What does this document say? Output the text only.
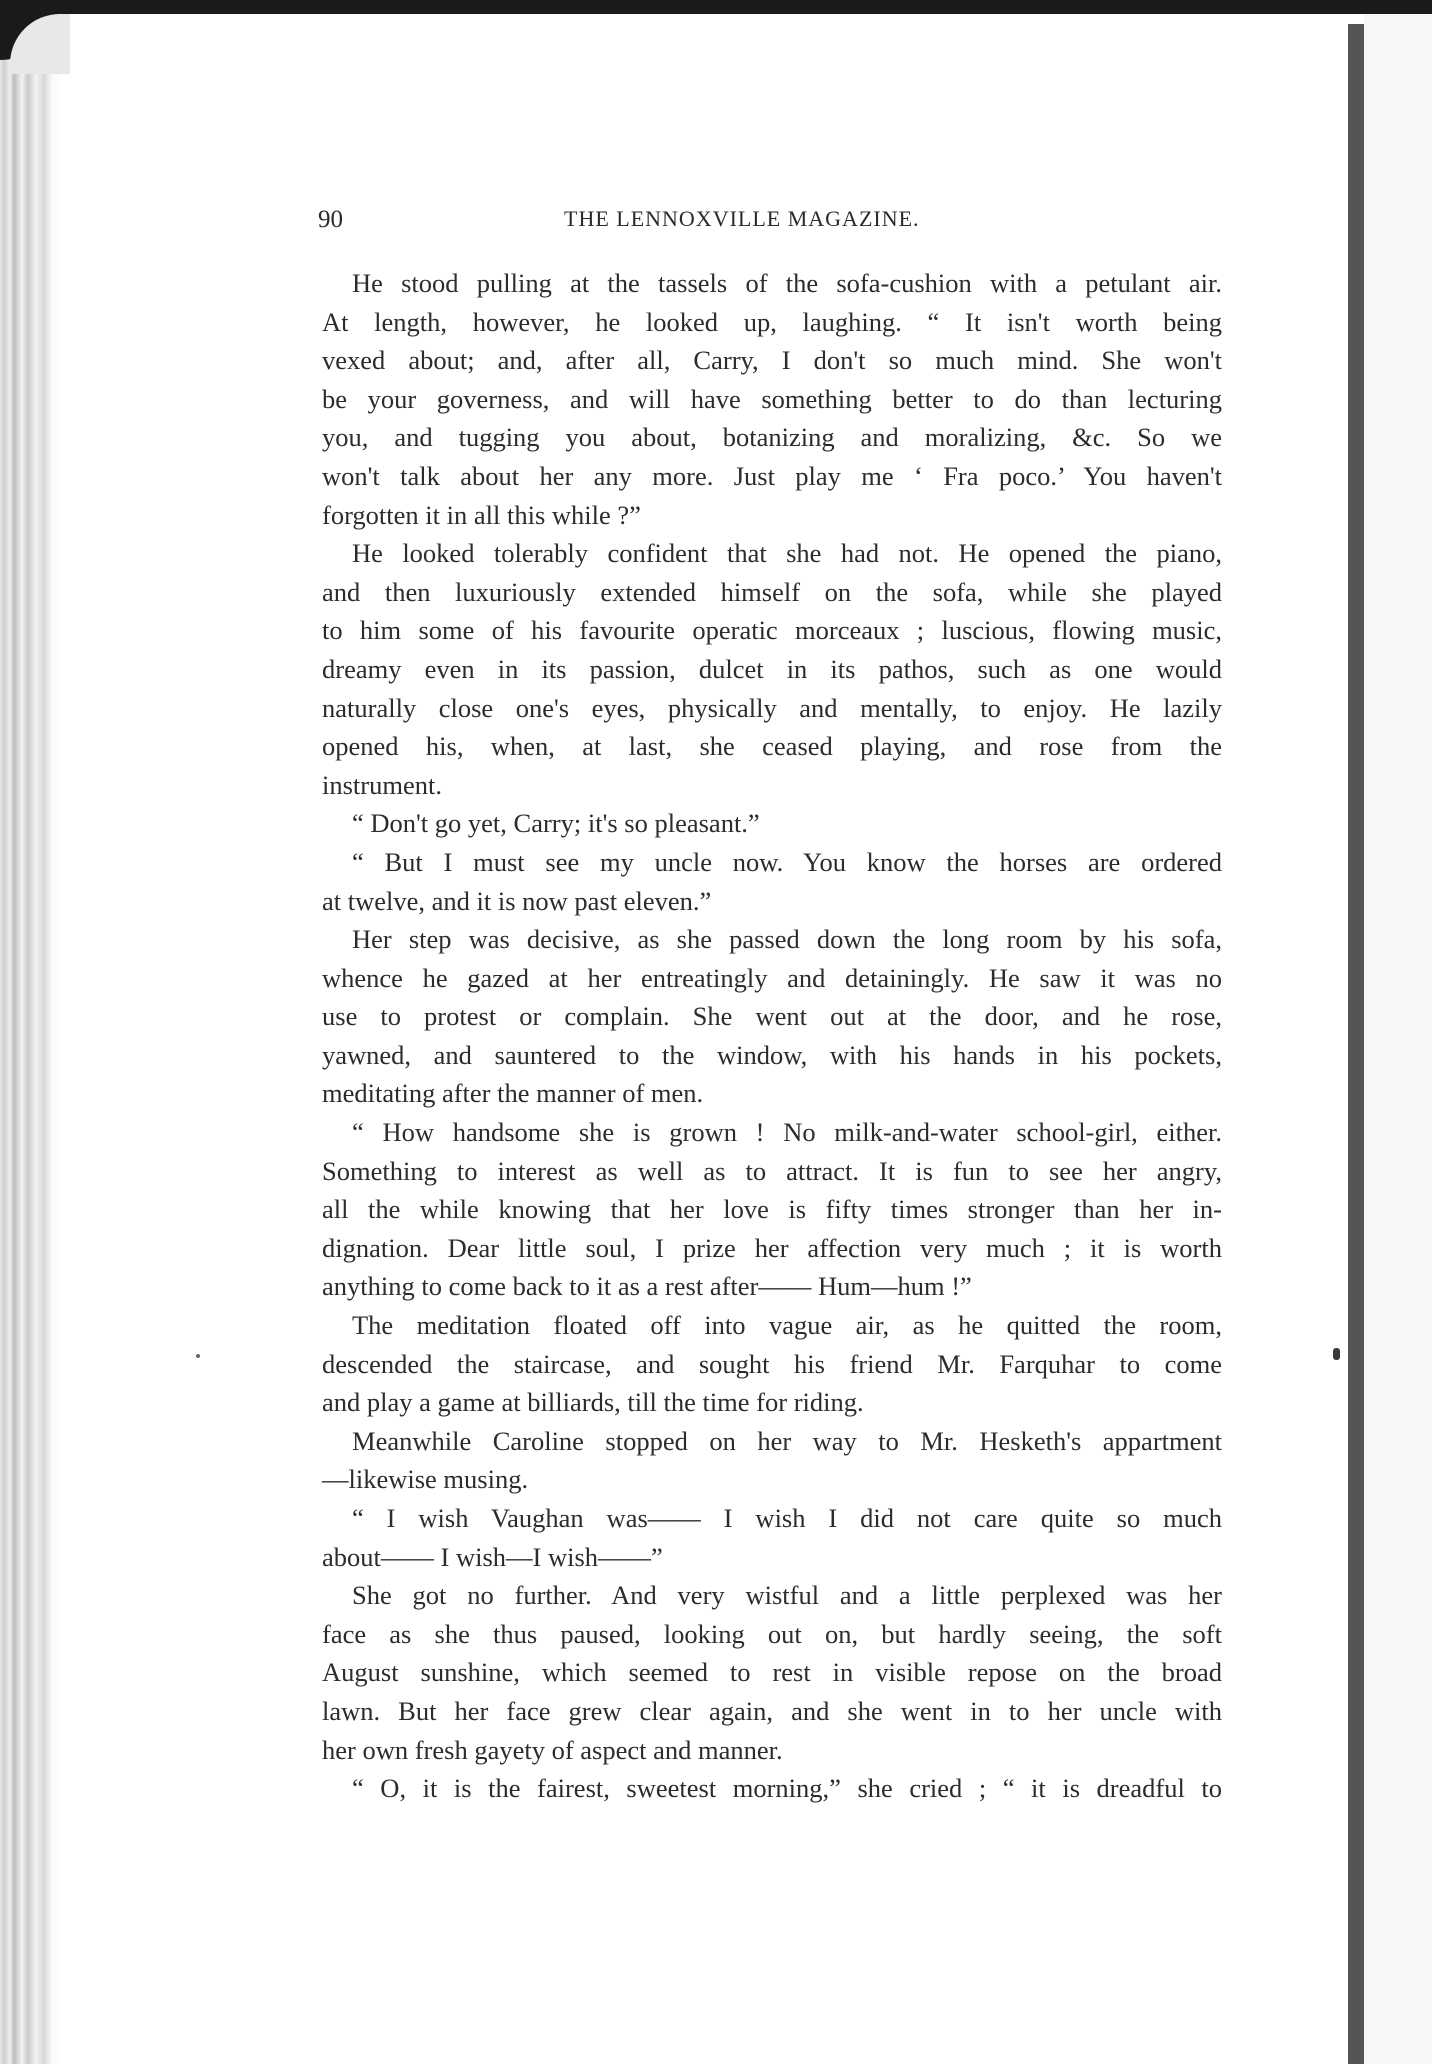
90	THE LENNOXVILLE MAGAZINE.
He stood pulling at the tassels of the sofa-cushion with a petulant air.
At length, however, he looked up, laughing. “ It isn't worth being
vexed about; and, after all, Carry, I don't so much mind. She won't
be your governess, and will have something better to do than lecturing
you, and tugging you about, botanizing and moralizing, &c. So we
won't talk about her any more. Just play me ‘ Fra poco.’ You haven't
forgotten it in all this while ?”
He looked tolerably confident that she had not. He opened the piano,
and then luxuriously extended himself on the sofa, while she played
to him some of his favourite operatic morceaux ; luscious, flowing music,
dreamy even in its passion, dulcet in its pathos, such as one would
naturally close one's eyes, physically and mentally, to enjoy. He lazily
opened his, when, at last, she ceased playing, and rose from the
instrument.
“ Don't go yet, Carry; it's so pleasant.”
“ But I must see my uncle now. You know the horses are ordered
at twelve, and it is now past eleven.”
Her step was decisive, as she passed down the long room by his sofa,
whence he gazed at her entreatingly and detainingly. He saw it was no
use to protest or complain. She went out at the door, and he rose,
yawned, and sauntered to the window, with his hands in his pockets,
meditating after the manner of men.
“ How handsome she is grown ! No milk-and-water school-girl, either.
Something to interest as well as to attract. It is fun to see her angry,
all the while knowing that her love is fifty times stronger than her in-
dignation. Dear little soul, I prize her affection very much ; it is worth
anything to come back to it as a rest after—— Hum—hum !”
The meditation floated off into vague air, as he quitted the room,
descended the staircase, and sought his friend Mr. Farquhar to come
and play a game at billiards, till the time for riding.
Meanwhile Caroline stopped on her way to Mr. Hesketh's appartment
—likewise musing.
“ I wish Vaughan was—— I wish I did not care quite so much
about—— I wish—I wish——”
She got no further. And very wistful and a little perplexed was her
face as she thus paused, looking out on, but hardly seeing, the soft
August sunshine, which seemed to rest in visible repose on the broad
lawn. But her face grew clear again, and she went in to her uncle with
her own fresh gayety of aspect and manner.
“ O, it is the fairest, sweetest morning,” she cried ; “ it is dreadful to
